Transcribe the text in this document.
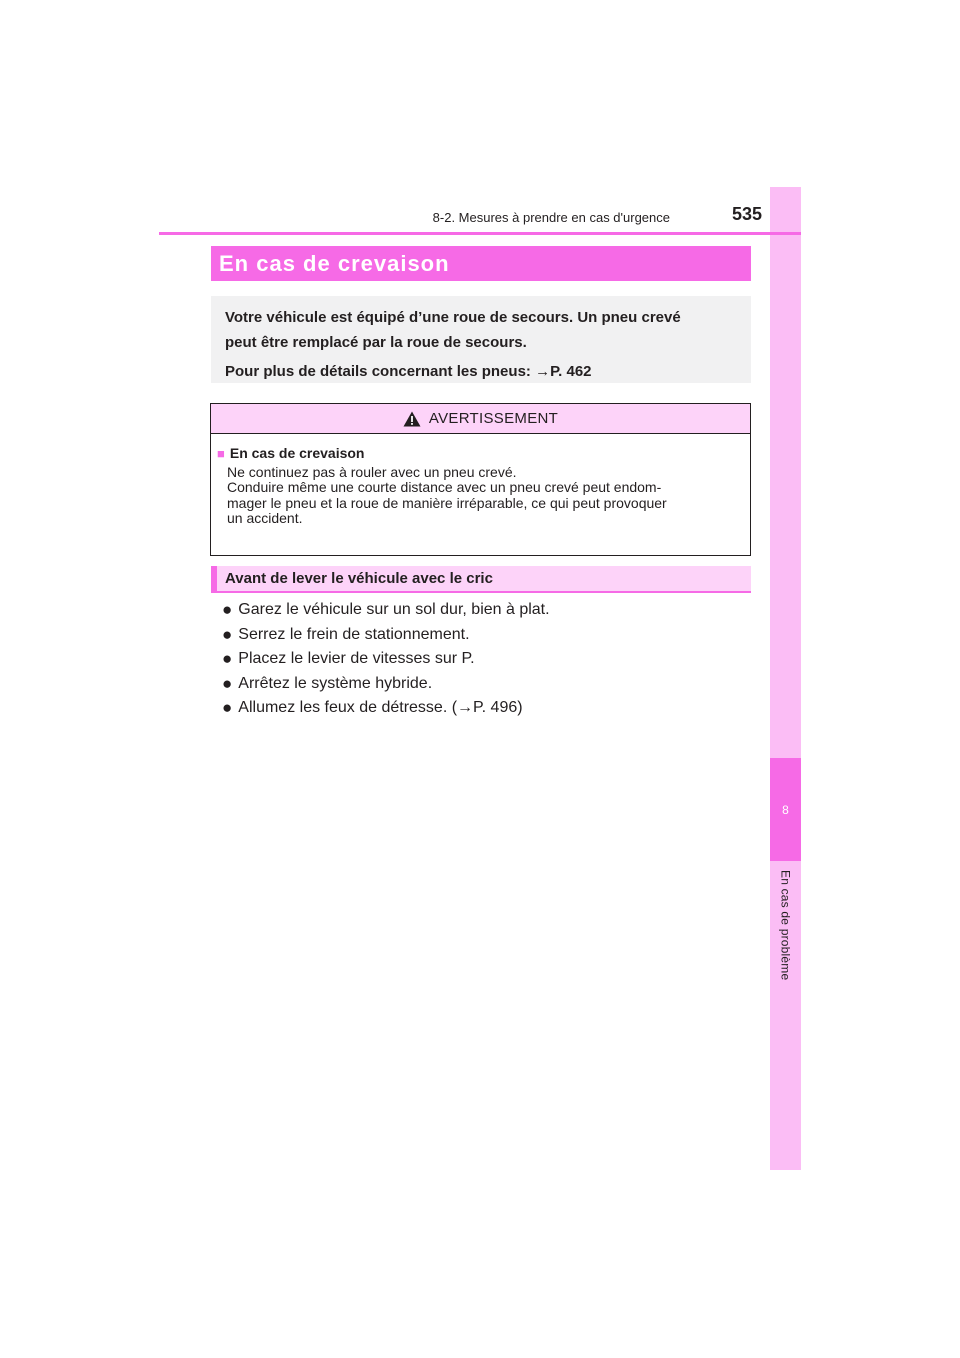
8
En cas de problème
8-2. Mesures à prendre en cas d'urgence	535
En cas de crevaison

Votre véhicule est équipé d’une roue de secours. Un pneu crevé

peut être remplacé par la roue de secours.

Pour plus de détails concernant les pneus: →P. 462

AVERTISSEMENT
■ En cas de crevaison
Ne continuez pas à rouler avec un pneu crevé.
Conduire même une courte distance avec un pneu crevé peut endom-
mager le pneu et la roue de manière irréparable, ce qui peut provoquer
un accident.
Avant de lever le véhicule avec le cric
● Garez le véhicule sur un sol dur, bien à plat.
● Serrez le frein de stationnement.
● Placez le levier de vitesses sur P.
● Arrêtez le système hybride.
● Allumez les feux de détresse. (→P. 496)
